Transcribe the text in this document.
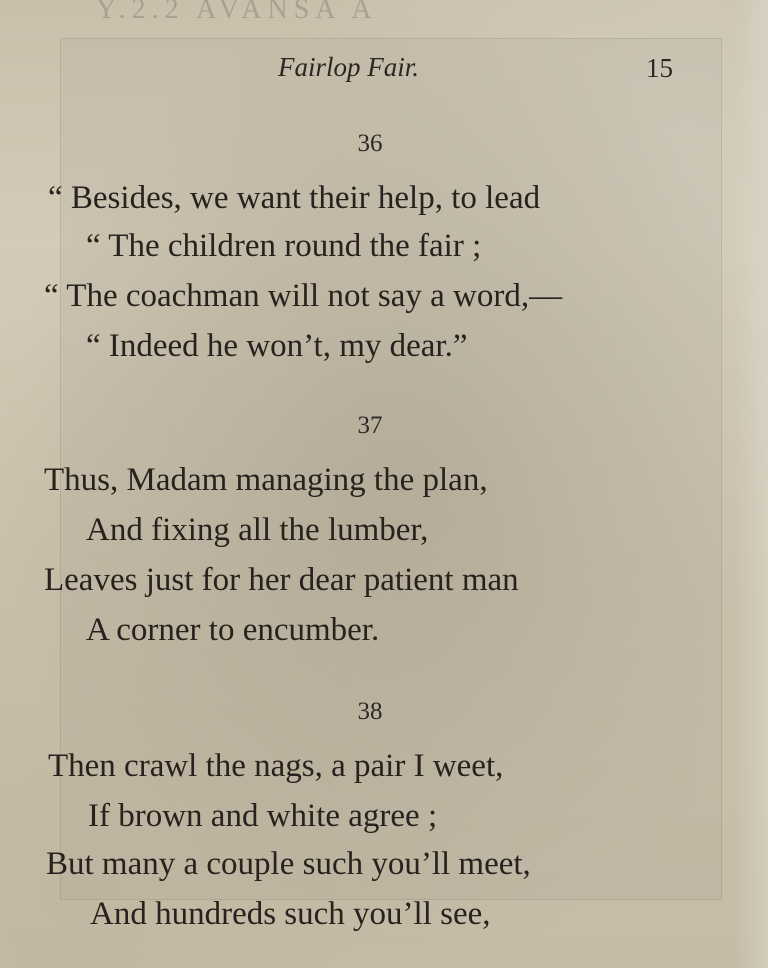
Y.2.2 AVANSA A
Fairlop Fair.	15
36
“ Besides, we want their help, to lead
“ The children round the fair ;
“ The coachman will not say a word,—
“ Indeed he won’t, my dear.”
37
Thus, Madam managing the plan,
And fixing all the lumber,
Leaves just for her dear patient man
A corner to encumber.
38
Then crawl the nags, a pair I weet,
If brown and white agree ;
But many a couple such you’ll meet,
And hundreds such you’ll see,
